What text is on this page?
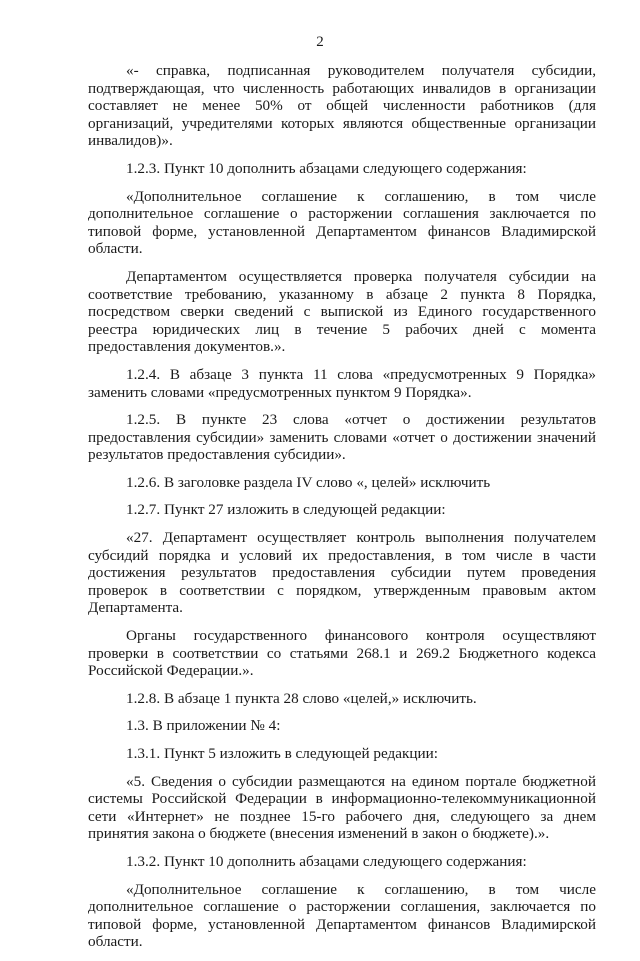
2

«- справка, подписанная руководителем получателя субсидии, подтверждающая, что численность работающих инвалидов в организации составляет не менее 50% от общей численности работников (для организаций, учредителями которых являются общественные организации инвалидов)».

1.2.3. Пункт 10 дополнить абзацами следующего содержания:

«Дополнительное соглашение к соглашению, в том числе дополнительное соглашение о расторжении соглашения заключается по типовой форме, установленной Департаментом финансов Владимирской области.

Департаментом осуществляется проверка получателя субсидии на соответствие требованию, указанному в абзаце 2 пункта 8 Порядка, посредством сверки сведений с выпиской из Единого государственного реестра юридических лиц в течение 5 рабочих дней с момента предоставления документов.».

1.2.4. В абзаце 3 пункта 11 слова «предусмотренных 9 Порядка» заменить словами «предусмотренных пунктом 9 Порядка».

1.2.5. В пункте 23 слова «отчет о достижении результатов предоставления субсидии» заменить словами «отчет о достижении значений результатов предоставления субсидии».

1.2.6. В заголовке раздела IV слово «, целей» исключить

1.2.7. Пункт 27 изложить в следующей редакции:

«27. Департамент осуществляет контроль выполнения получателем субсидий порядка и условий их предоставления, в том числе в части достижения результатов предоставления субсидии путем проведения проверок в соответствии с порядком, утвержденным правовым актом Департамента.

Органы государственного финансового контроля осуществляют проверки в соответствии со статьями 268.1 и 269.2 Бюджетного кодекса Российской Федерации.».

1.2.8. В абзаце 1 пункта 28 слово «целей,» исключить.

1.3. В приложении № 4:

1.3.1. Пункт 5 изложить в следующей редакции:

«5. Сведения о субсидии размещаются на едином портале бюджетной системы Российской Федерации в информационно-телекоммуникационной сети «Интернет» не позднее 15-го рабочего дня, следующего за днем принятия закона о бюджете (внесения изменений в закон о бюджете).».

1.3.2. Пункт 10 дополнить абзацами следующего содержания:

«Дополнительное соглашение к соглашению, в том числе дополнительное соглашение о расторжении соглашения, заключается по типовой форме, установленной Департаментом финансов Владимирской области.
